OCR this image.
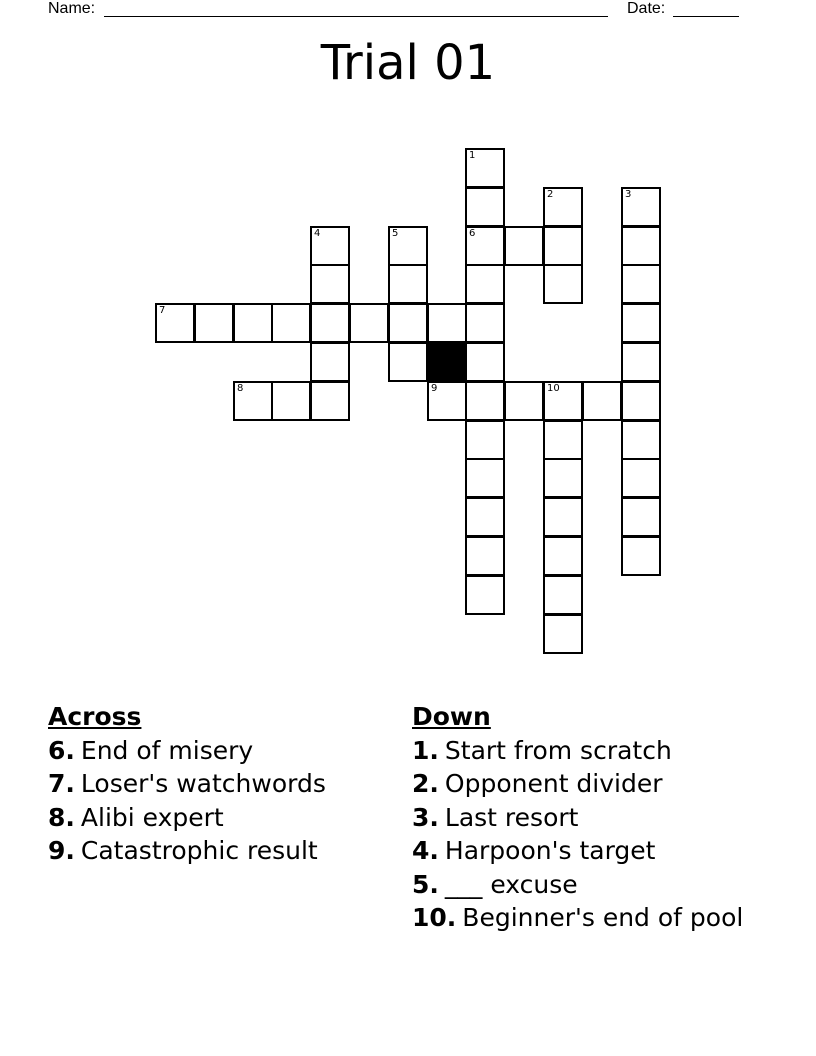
Name:	Date:
Trial 01
1
6
2	3
4	5
7
8	9	10
Across
6. End of misery
7. Loser's watchwords
8. Alibi expert
9. Catastrophic result
Down
1. Start from scratch
2. Opponent divider
3. Last resort
4. Harpoon's target
5. ___ excuse
10. Beginner's end of pool
